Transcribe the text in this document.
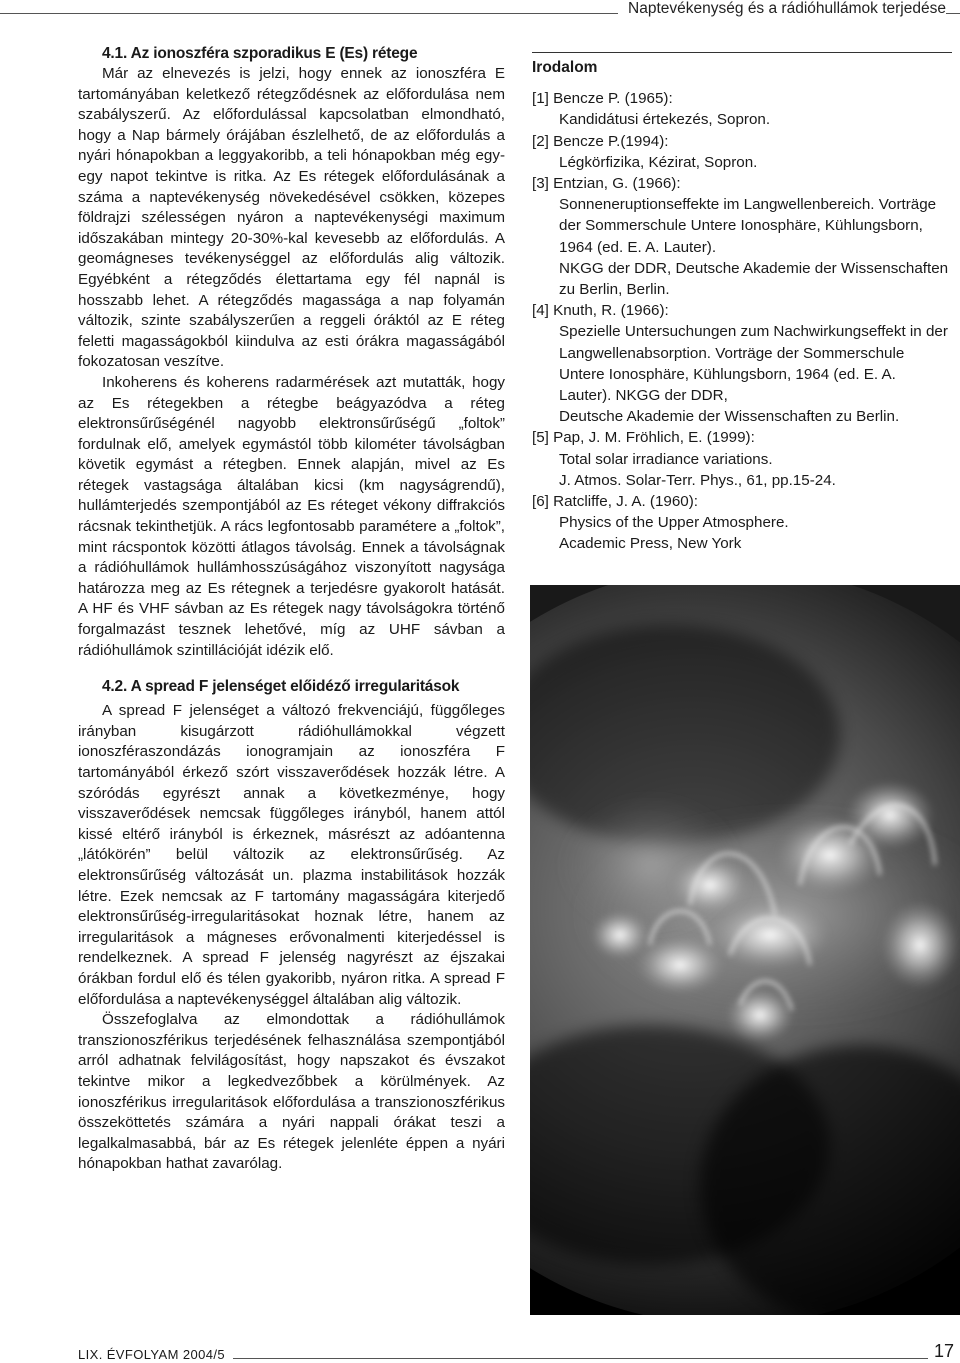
Naptevékenység és a rádióhullámok terjedése
4.1. Az ionoszféra szporadikus E (Es) rétege

Már az elnevezés is jelzi, hogy ennek az ionoszféra E tartományában keletkező rétegződésnek az előfordulása nem szabályszerű. Az előfordulással kapcsolatban elmondható, hogy a Nap bármely órájában észlelhető, de az előfordulás a nyári hónapokban a leggyakoribb, a teli hónapokban még egy-egy napot tekintve is ritka. Az Es rétegek előfordulásának a száma a naptevékenység növekedésével csökken, közepes földrajzi szélességen nyáron a naptevékenységi maximum időszakában mintegy 20-30%-kal kevesebb az előfordulás. A geomágneses tevékenységgel az előfordulás alig változik. Egyébként a rétegződés élettartama egy fél napnál is hosszabb lehet. A rétegződés magassága a nap folyamán változik, szinte szabályszerűen a reggeli óráktól az E réteg feletti magasságokból kiindulva az esti órákra magasságából fokozatosan veszítve.

Inkoherens és koherens radarmérések azt mutatták, hogy az Es rétegekben a rétegbe beágyazódva a réteg elektronsűrűségénél nagyobb elektronsűrűségű „foltok” fordulnak elő, amelyek egymástól több kilométer távolságban követik egymást a rétegben. Ennek alapján, mivel az Es rétegek vastagsága általában kicsi (km nagyságrendű), hullámterjedés szempontjából az Es réteget vékony diffrakciós rácsnak tekinthetjük. A rács legfontosabb paramétere a „foltok”, mint rácspontok közötti átlagos távolság. Ennek a távolságnak a rádióhullámok hullámhosszúságához viszonyított nagysága határozza meg az Es rétegnek a terjedésre gyakorolt hatását. A HF és VHF sávban az Es rétegek nagy távolságokra történő forgalmazást tesznek lehetővé, míg az UHF sávban a rádióhullámok szintillációját idézik elő.

4.2. A spread F jelenséget előidéző irregularitások

A spread F jelenséget a változó frekvenciájú, függőleges irányban kisugárzott rádióhullámokkal végzett ionoszféraszondázás ionogramjain az ionoszféra F tartományából érkező szórt visszaverődések hozzák létre. A szóródás egyrészt annak a következménye, hogy visszaverődések nemcsak függőleges irányból, hanem attól kissé eltérő irányból is érkeznek, másrészt az adóantenna „látókörén” belül változik az elektronsűrűség. Az elektronsűrűség változását un. plazma instabilitások hozzák létre. Ezek nemcsak az F tartomány magasságára kiterjedő elektronsűrűség-irregularitásokat hoznak létre, hanem az irregularitások a mágneses erővonalmenti kiterjedéssel is rendelkeznek. A spread F jelenség nagyrészt az éjszakai órákban fordul elő és télen gyakoribb, nyáron ritka. A spread F előfordulása a naptevékenységgel általában alig változik.

Összefoglalva az elmondottak a rádióhullámok transzionoszférikus terjedésének felhasználása szempontjából arról adhatnak felvilágosítást, hogy napszakot és évszakot tekintve mikor a legkedvezőbbek a körülmények. Az ionoszférikus irregularitások előfordulása a transzionoszférikus összeköttetés számára a nyári nappali órákat teszi a legalkalmasabbá, bár az Es rétegek jelenléte éppen a nyári hónapokban hathat zavarólag.

Irodalom
[1] Bencze P. (1965):
Kandidátusi értekezés, Sopron.
[2] Bencze P.(1994):
Légkörfizika, Kézirat, Sopron.
[3] Entzian, G. (1966):
Sonneneruptionseffekte im Langwellenbereich. Vorträge der Sommerschule Untere Ionosphäre, Kühlungsborn, 1964 (ed. E. A. Lauter).
NKGG der DDR, Deutsche Akademie der Wissenschaften zu Berlin, Berlin.
[4] Knuth, R. (1966):
Spezielle Untersuchungen zum Nachwirkungseffekt in der Langwellenabsorption. Vorträge der Sommerschule Untere Ionosphäre, Kühlungsborn, 1964 (ed. E. A. Lauter). NKGG der DDR,
Deutsche Akademie der Wissenschaften zu Berlin.
[5] Pap, J. M. Fröhlich, E. (1999):
Total solar irradiance variations.
J. Atmos. Solar-Terr. Phys., 61, pp.15-24.
[6] Ratcliffe, J. A. (1960):
Physics of the Upper Atmosphere.
Academic Press, New York
LIX. ÉVFOLYAM 2004/5	17
